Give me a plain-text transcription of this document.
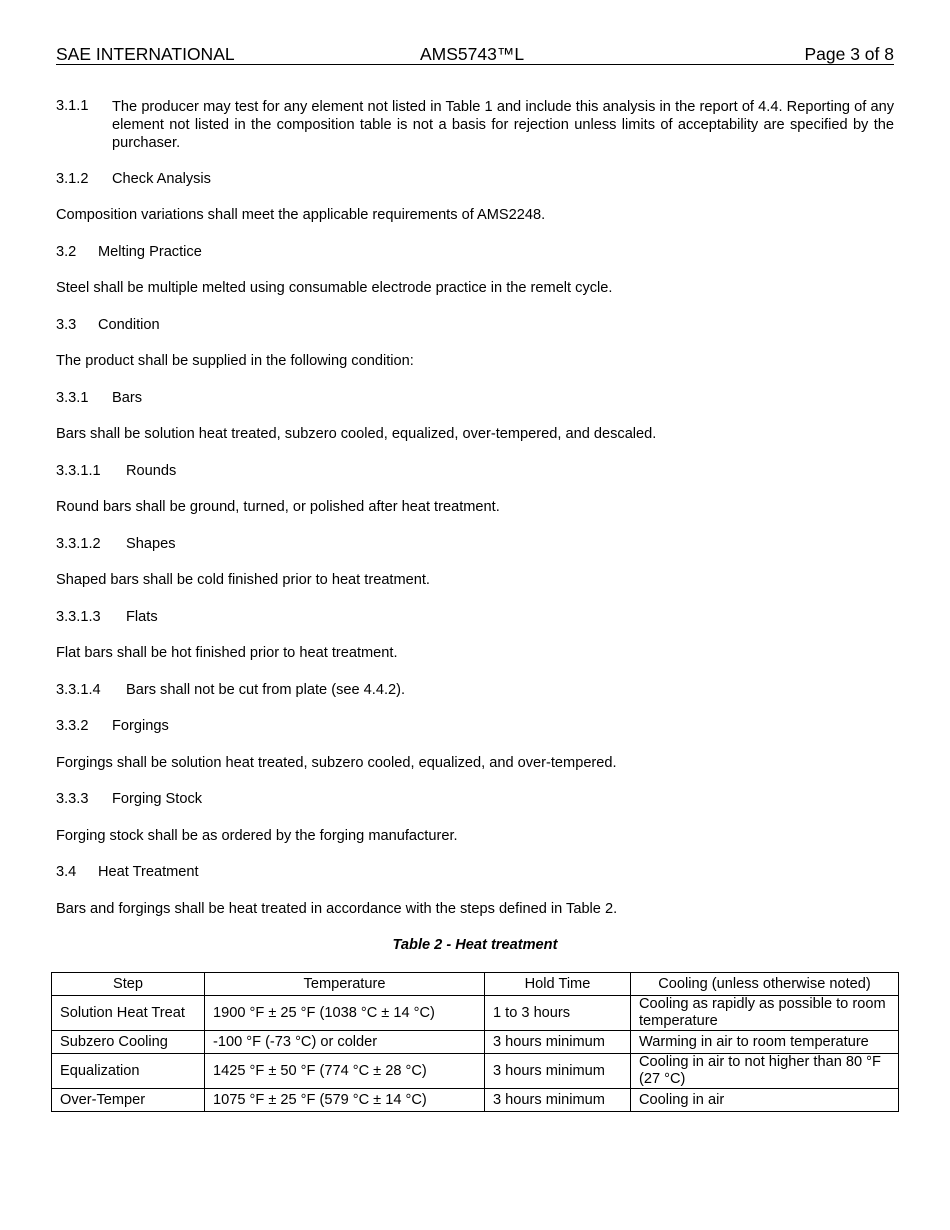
SAE INTERNATIONAL	AMS5743™L	Page 3 of 8
3.1.1 The producer may test for any element not listed in Table 1 and include this analysis in the report of 4.4. Reporting of any element not listed in the composition table is not a basis for rejection unless limits of acceptability are specified by the purchaser.
3.1.2 Check Analysis
Composition variations shall meet the applicable requirements of AMS2248.
3.2 Melting Practice
Steel shall be multiple melted using consumable electrode practice in the remelt cycle.
3.3 Condition
The product shall be supplied in the following condition:
3.3.1 Bars
Bars shall be solution heat treated, subzero cooled, equalized, over-tempered, and descaled.
3.3.1.1 Rounds
Round bars shall be ground, turned, or polished after heat treatment.
3.3.1.2 Shapes
Shaped bars shall be cold finished prior to heat treatment.
3.3.1.3 Flats
Flat bars shall be hot finished prior to heat treatment.
3.3.1.4 Bars shall not be cut from plate (see 4.4.2).
3.3.2 Forgings
Forgings shall be solution heat treated, subzero cooled, equalized, and over-tempered.
3.3.3 Forging Stock
Forging stock shall be as ordered by the forging manufacturer.
3.4 Heat Treatment
Bars and forgings shall be heat treated in accordance with the steps defined in Table 2.
Table 2 - Heat treatment
Step	Temperature	Hold Time	Cooling (unless otherwise noted)
Solution Heat Treat	1900 °F ± 25 °F (1038 °C ± 14 °C)	1 to 3 hours	Cooling as rapidly as possible to room temperature
Subzero Cooling	-100 °F (-73 °C) or colder	3 hours minimum	Warming in air to room temperature
Equalization	1425 °F ± 50 °F (774 °C ± 28 °C)	3 hours minimum	Cooling in air to not higher than 80 °F (27 °C)
Over-Temper	1075 °F ± 25 °F (579 °C ± 14 °C)	3 hours minimum	Cooling in air
